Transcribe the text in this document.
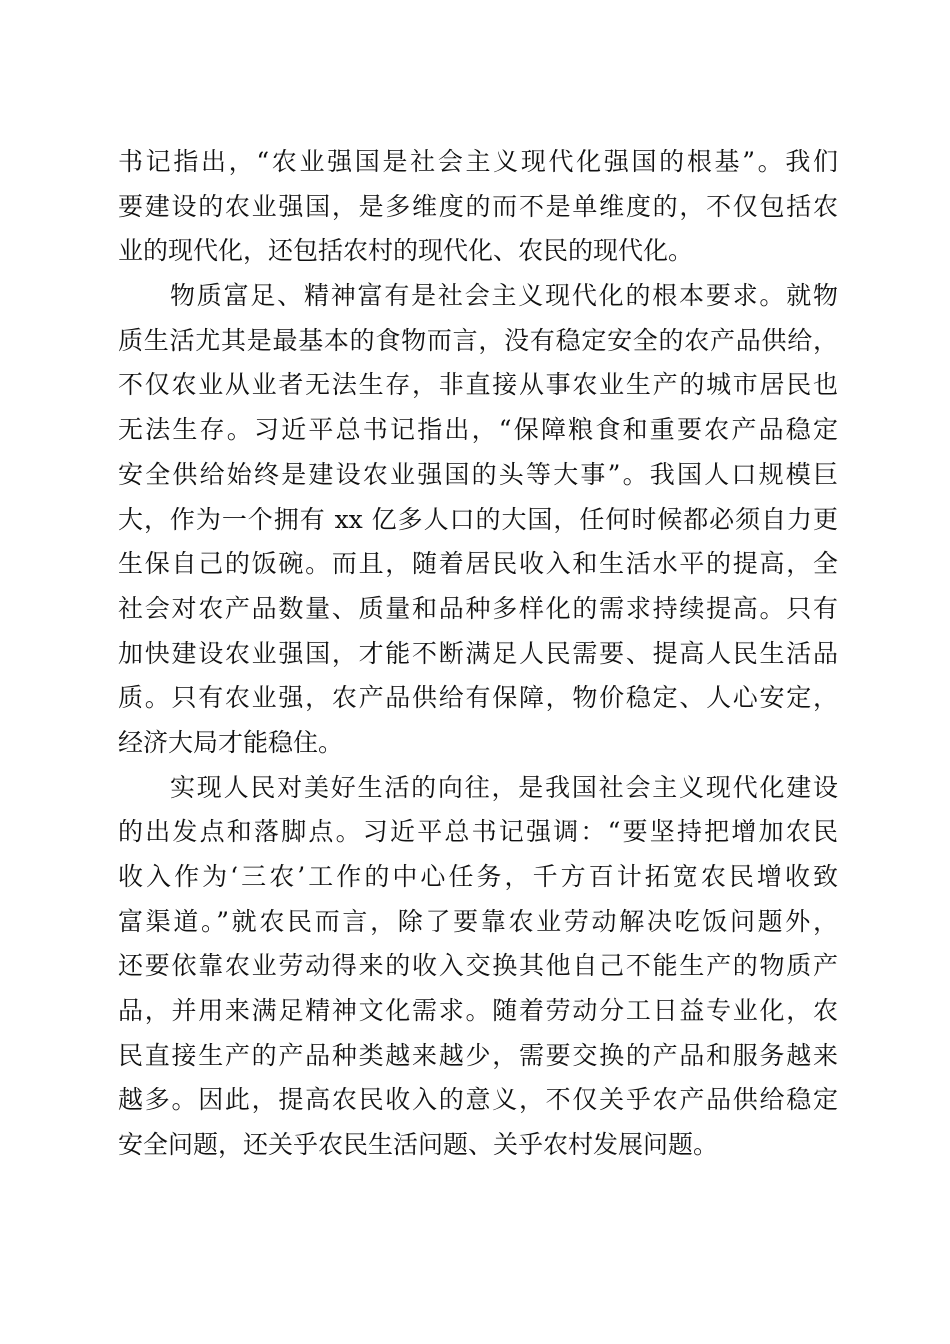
书记指出，“农业强国是社会主义现代化强国的根基”。我们
要建设的农业强国，是多维度的而不是单维度的，不仅包括农
业的现代化，还包括农村的现代化、农民的现代化。
物质富足、精神富有是社会主义现代化的根本要求。就物
质生活尤其是最基本的食物而言，没有稳定安全的农产品供给，
不仅农业从业者无法生存，非直接从事农业生产的城市居民也
无法生存。习近平总书记指出，“保障粮食和重要农产品稳定
安全供给始终是建设农业强国的头等大事”。我国人口规模巨
大，作为一个拥有 xx 亿多人口的大国，任何时候都必须自力更
生保自己的饭碗。而且，随着居民收入和生活水平的提高，全
社会对农产品数量、质量和品种多样化的需求持续提高。只有
加快建设农业强国，才能不断满足人民需要、提高人民生活品
质。只有农业强，农产品供给有保障，物价稳定、人心安定，
经济大局才能稳住。
实现人民对美好生活的向往，是我国社会主义现代化建设
的出发点和落脚点。习近平总书记强调：“要坚持把增加农民
收入作为‘三农’工作的中心任务，千方百计拓宽农民增收致
富渠道。”就农民而言，除了要靠农业劳动解决吃饭问题外，
还要依靠农业劳动得来的收入交换其他自己不能生产的物质产
品，并用来满足精神文化需求。随着劳动分工日益专业化，农
民直接生产的产品种类越来越少，需要交换的产品和服务越来
越多。因此，提高农民收入的意义，不仅关乎农产品供给稳定
安全问题，还关乎农民生活问题、关乎农村发展问题。
